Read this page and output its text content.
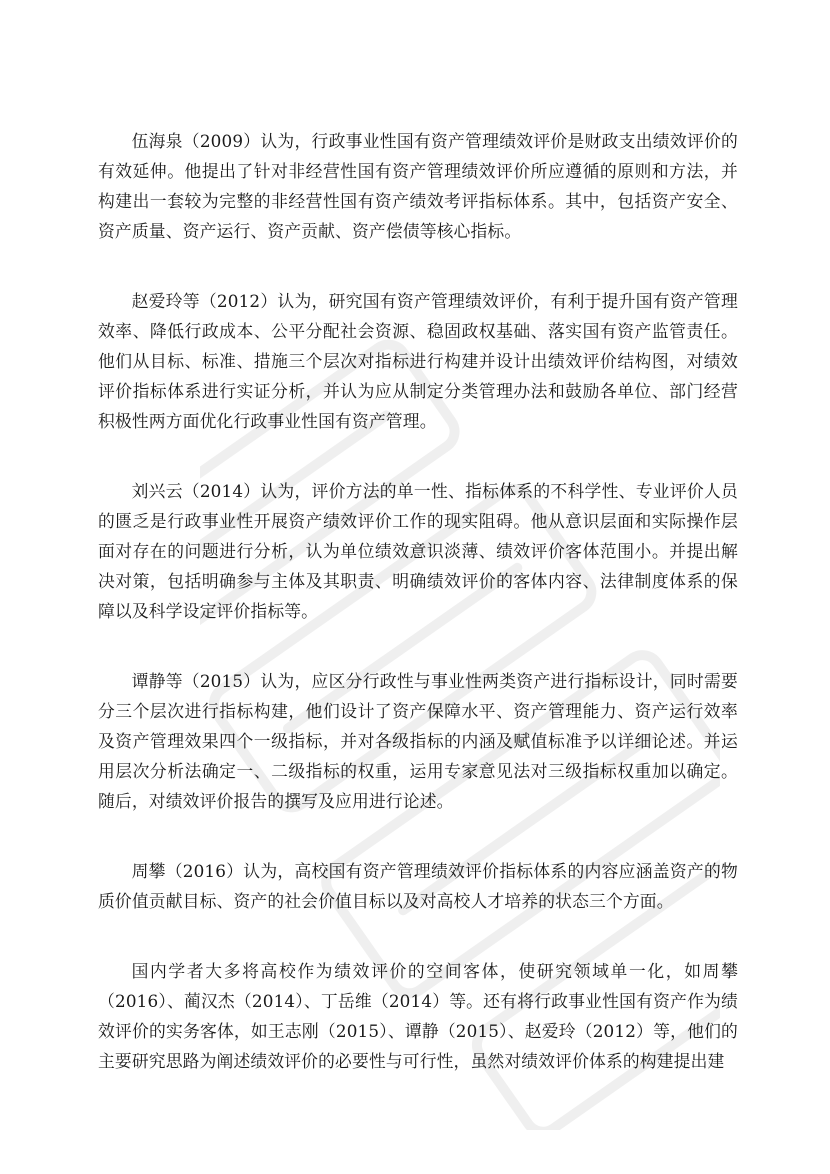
伍海泉（2009）认为，行政事业性国有资产管理绩效评价是财政支出绩效评价的有效延伸。他提出了针对非经营性国有资产管理绩效评价所应遵循的原则和方法，并构建出一套较为完整的非经营性国有资产绩效考评指标体系。其中，包括资产安全、资产质量、资产运行、资产贡献、资产偿债等核心指标。

赵爱玲等（2012）认为，研究国有资产管理绩效评价，有利于提升国有资产管理效率、降低行政成本、公平分配社会资源、稳固政权基础、落实国有资产监管责任。他们从目标、标准、措施三个层次对指标进行构建并设计出绩效评价结构图，对绩效评价指标体系进行实证分析，并认为应从制定分类管理办法和鼓励各单位、部门经营积极性两方面优化行政事业性国有资产管理。

刘兴云（2014）认为，评价方法的单一性、指标体系的不科学性、专业评价人员的匮乏是行政事业性开展资产绩效评价工作的现实阻碍。他从意识层面和实际操作层面对存在的问题进行分析，认为单位绩效意识淡薄、绩效评价客体范围小。并提出解决对策，包括明确参与主体及其职责、明确绩效评价的客体内容、法律制度体系的保障以及科学设定评价指标等。

谭静等（2015）认为，应区分行政性与事业性两类资产进行指标设计，同时需要分三个层次进行指标构建，他们设计了资产保障水平、资产管理能力、资产运行效率及资产管理效果四个一级指标，并对各级指标的内涵及赋值标准予以详细论述。并运用层次分析法确定一、二级指标的权重，运用专家意见法对三级指标权重加以确定。随后，对绩效评价报告的撰写及应用进行论述。

周攀（2016）认为，高校国有资产管理绩效评价指标体系的内容应涵盖资产的物质价值贡献目标、资产的社会价值目标以及对高校人才培养的状态三个方面。

国内学者大多将高校作为绩效评价的空间客体，使研究领域单一化，如周攀（2016）、蔺汉杰（2014）、丁岳维（2014）等。还有将行政事业性国有资产作为绩效评价的实务客体，如王志刚（2015）、谭静（2015）、赵爱玲（2012）等，他们的主要研究思路为阐述绩效评价的必要性与可行性，虽然对绩效评价体系的构建提出建
